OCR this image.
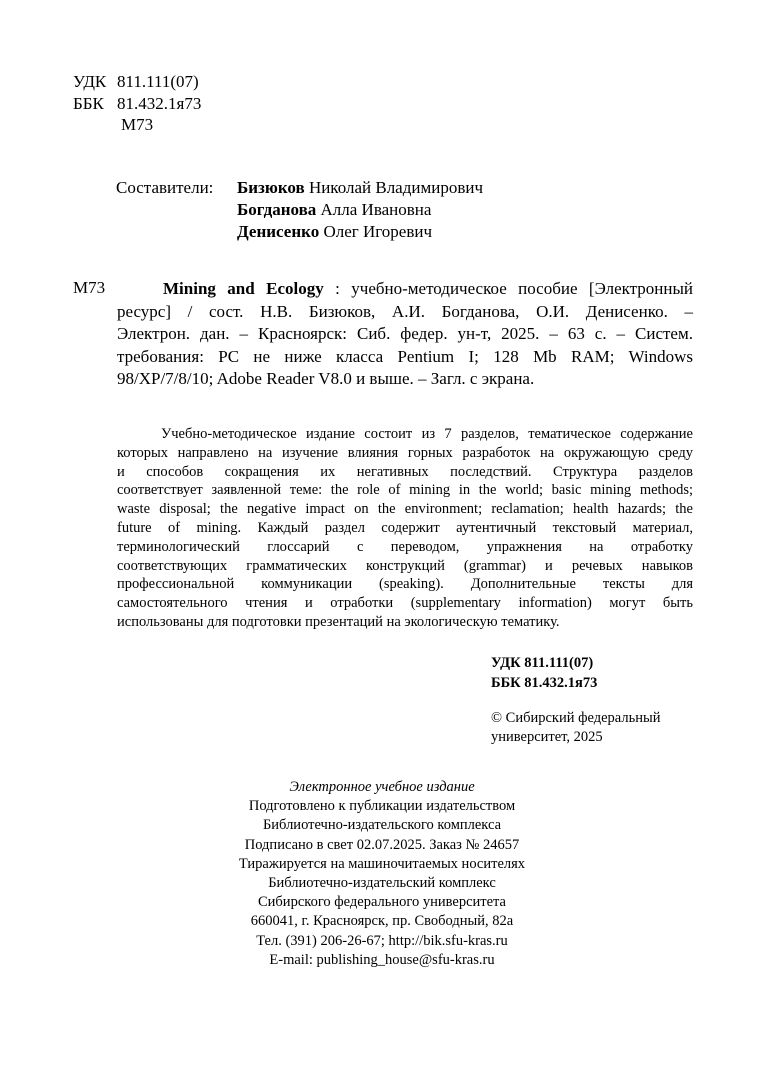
УДК 811.111(07)
ББК 81.432.1я73
М73
Составители:	Бизюков Николай Владимирович
Богданова Алла Ивановна
Денисенко Олег Игоревич
М73	Mining and Ecology : учебно-методическое пособие [Электронный
ресурс] / сост. Н.В. Бизюков, А.И. Богданова, О.И. Денисенко. –
Электрон. дан. – Красноярск: Сиб. федер. ун-т, 2025. – 63 с. – Систем.
требования: PC не ниже класса Pentium I; 128 Mb RAM; Windows
98/XP/7/8/10; Adobe Reader V8.0 и выше. – Загл. с экрана.
Учебно-методическое издание состоит из 7 разделов, тематическое содержание
которых направлено на изучение влияния горных разработок на окружающую среду
и способов сокращения их негативных последствий. Структура разделов
соответствует заявленной теме: the role of mining in the world; basic mining methods;
waste disposal; the negative impact on the environment; reclamation; health hazards; the
future of mining. Каждый раздел содержит аутентичный текстовый материал,
терминологический глоссарий с переводом, упражнения на отработку
соответствующих грамматических конструкций (grammar) и речевых навыков
профессиональной коммуникации (speaking). Дополнительные тексты для
самостоятельного чтения и отработки (supplementary information) могут быть
использованы для подготовки презентаций на экологическую тематику.
УДК 811.111(07)
ББК 81.432.1я73
© Сибирский федеральный
университет, 2025
Электронное учебное издание
Подготовлено к публикации издательством
Библиотечно-издательского комплекса
Подписано в свет 02.07.2025. Заказ № 24657
Тиражируется на машиночитаемых носителях
Библиотечно-издательский комплекс
Сибирского федерального университета
660041, г. Красноярск, пр. Свободный, 82а
Тел. (391) 206-26-67; http://bik.sfu-kras.ru
E-mail: publishing_house@sfu-kras.ru
